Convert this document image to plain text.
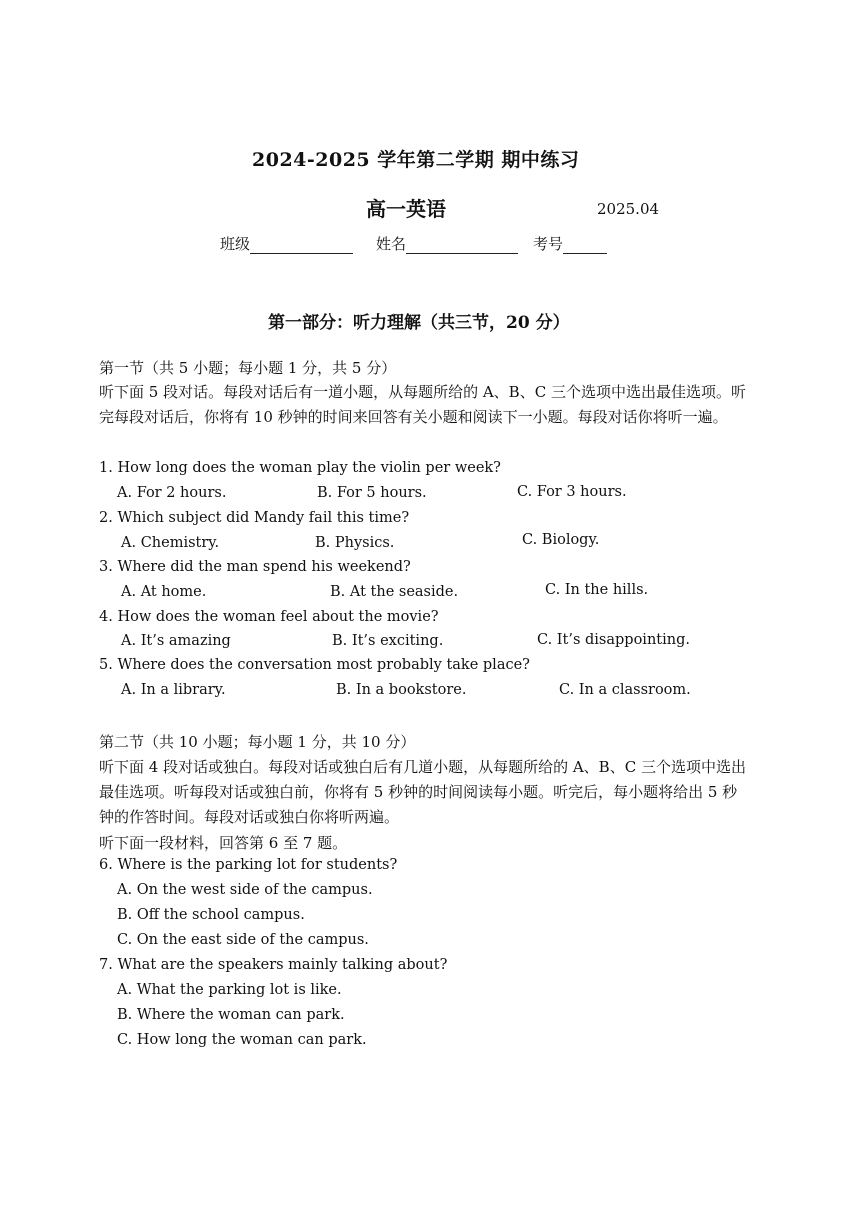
2024-2025 学年第二学期 期中练习
高一英语	2025.04
班级	姓名	考号
第一部分：听力理解（共三节，20 分）
第一节（共 5 小题；每小题 1 分，共 5 分）
听下面 5 段对话。每段对话后有一道小题，从每题所给的 A、B、C 三个选项中选出最佳选项。听完每段对话后，你将有 10 秒钟的时间来回答有关小题和阅读下一小题。每段对话你将听一遍。
1. How long does the woman play the violin per week?
A. For 2 hours.	B. For 5 hours.	C. For 3 hours.
2. Which subject did Mandy fail this time?
A. Chemistry.	B. Physics.	C. Biology.
3. Where did the man spend his weekend?
A. At home.	B. At the seaside.	C. In the hills.
4. How does the woman feel about the movie?
A. It’s amazing	B. It’s exciting.	C. It’s disappointing.
5. Where does the conversation most probably take place?
A. In a library.	B. In a bookstore.	C. In a classroom.
第二节（共 10 小题；每小题 1 分，共 10 分）
听下面 4 段对话或独白。每段对话或独白后有几道小题，从每题所给的 A、B、C 三个选项中选出最佳选项。听每段对话或独白前，你将有 5 秒钟的时间阅读每小题。听完后，每小题将给出 5 秒钟的作答时间。每段对话或独白你将听两遍。
听下面一段材料，回答第 6 至 7 题。
6. Where is the parking lot for students?
A. On the west side of the campus.
B. Off the school campus.
C. On the east side of the campus.
7. What are the speakers mainly talking about?
A. What the parking lot is like.
B. Where the woman can park.
C. How long the woman can park.
